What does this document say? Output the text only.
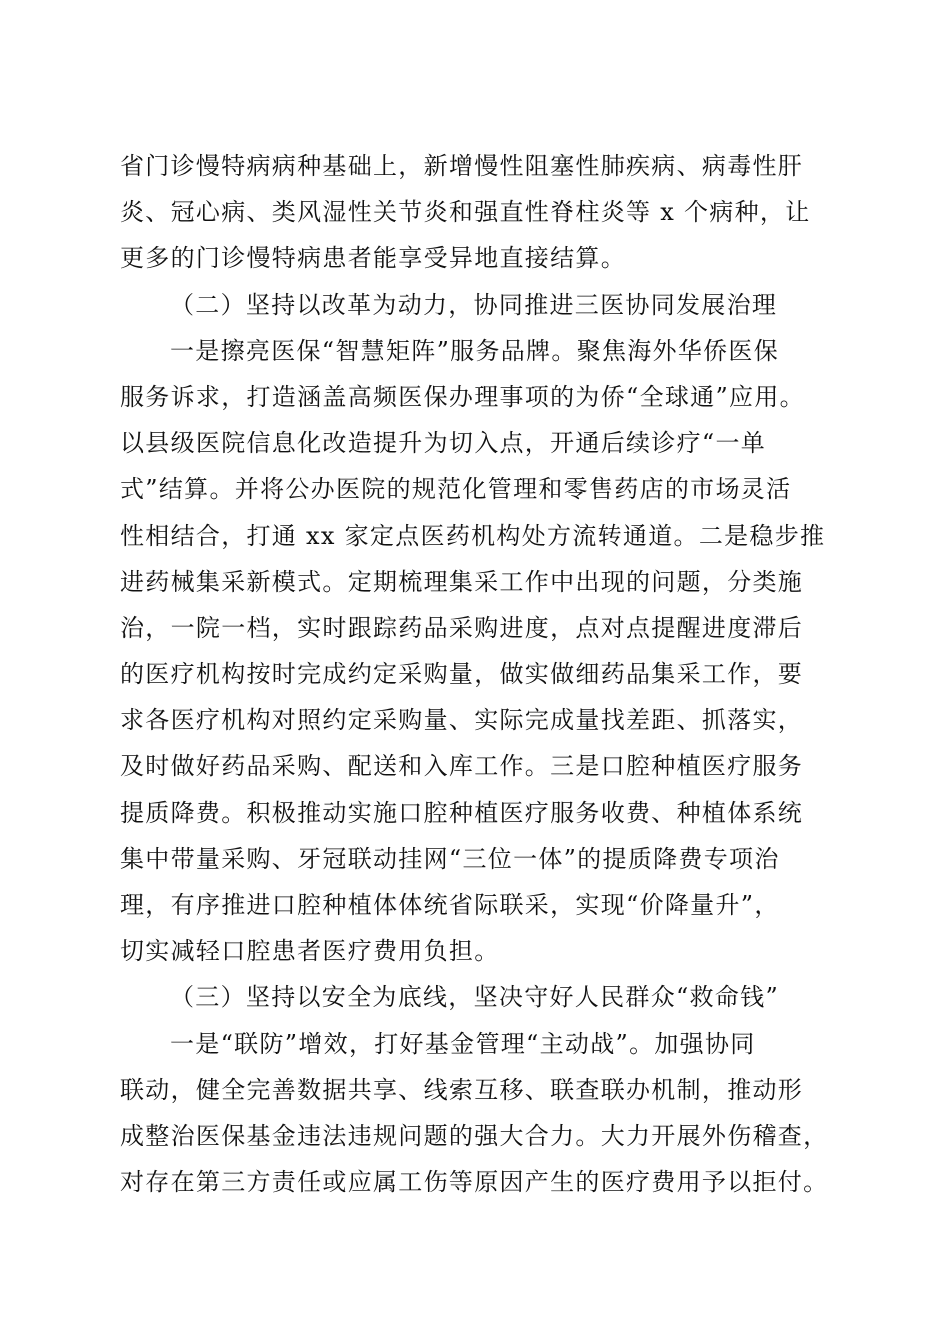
省门诊慢特病病种基础上，新增慢性阻塞性肺疾病、病毒性肝
炎、冠心病、类风湿性关节炎和强直性脊柱炎等 x 个病种，让
更多的门诊慢特病患者能享受异地直接结算。
（二）坚持以改革为动力，协同推进三医协同发展治理
一是擦亮医保“智慧矩阵”服务品牌。聚焦海外华侨医保
服务诉求，打造涵盖高频医保办理事项的为侨“全球通”应用。
以县级医院信息化改造提升为切入点，开通后续诊疗“一单
式”结算。并将公办医院的规范化管理和零售药店的市场灵活
性相结合，打通 xx 家定点医药机构处方流转通道。二是稳步推
进药械集采新模式。定期梳理集采工作中出现的问题，分类施
治，一院一档，实时跟踪药品采购进度，点对点提醒进度滞后
的医疗机构按时完成约定采购量，做实做细药品集采工作，要
求各医疗机构对照约定采购量、实际完成量找差距、抓落实，
及时做好药品采购、配送和入库工作。三是口腔种植医疗服务
提质降费。积极推动实施口腔种植医疗服务收费、种植体系统
集中带量采购、牙冠联动挂网“三位一体”的提质降费专项治
理，有序推进口腔种植体体统省际联采，实现“价降量升”，
切实减轻口腔患者医疗费用负担。
（三）坚持以安全为底线，坚决守好人民群众“救命钱”
一是“联防”增效，打好基金管理“主动战”。加强协同
联动，健全完善数据共享、线索互移、联查联办机制，推动形
成整治医保基金违法违规问题的强大合力。大力开展外伤稽查，
对存在第三方责任或应属工伤等原因产生的医疗费用予以拒付。
